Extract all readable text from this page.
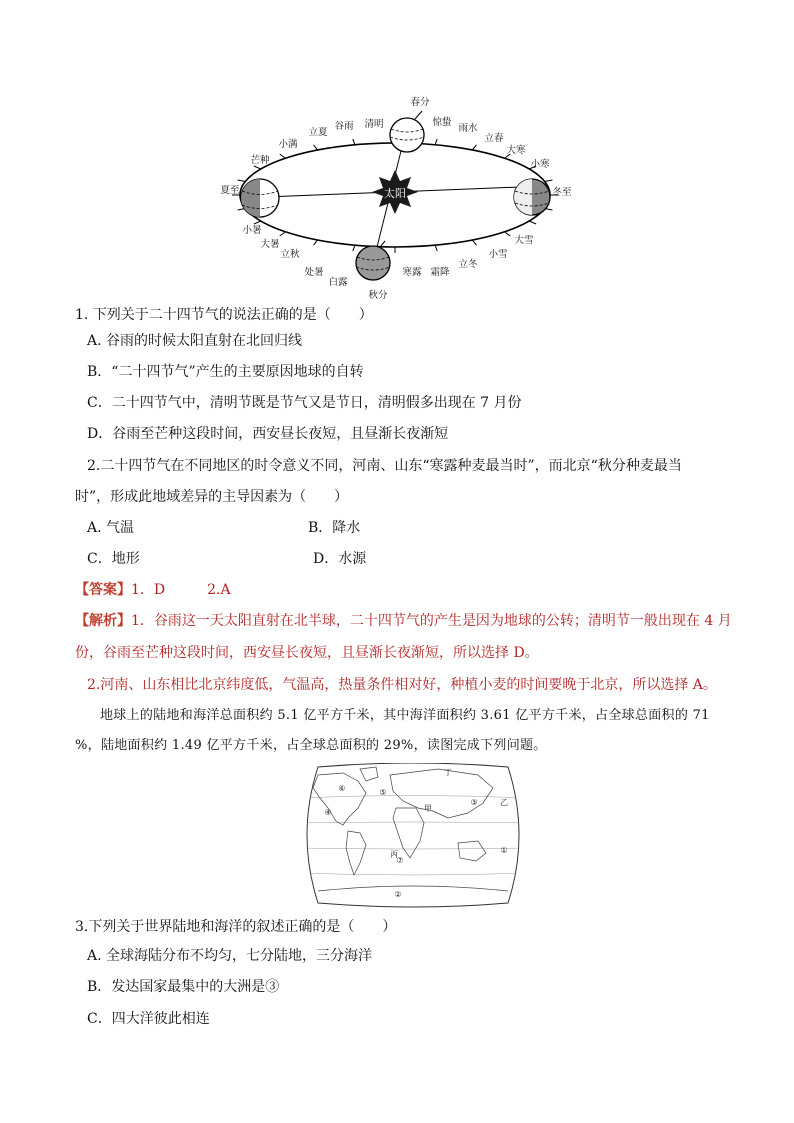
太阳
春分
惊蛰
雨水
立春
大寒
小寒
冬至
大雪
小雪
立冬
霜降
寒露
秋分
白露
处暑
立秋
大暑
小暑
夏至
芒种
小满
立夏
谷雨 清明
1. 下列关于二十四节气的说法正确的是（　　）
A. 谷雨的时候太阳直射在北回归线
B．“二十四节气”产生的主要原因地球的自转
C．二十四节气中，清明节既是节气又是节日，清明假多出现在 7 月份
D．谷雨至芒种这段时间，西安昼长夜短，且昼渐长夜渐短
2.二十四节气在不同地区的时令意义不同，河南、山东“寒露种麦最当时”，而北京“秋分种麦最当
时”，形成此地域差异的主导因素为（　　）
A. 气温	B．降水
C．地形	D．水源
【答案】1．D　　　2.A
【解析】1．谷雨这一天太阳直射在北半球，二十四节气的产生是因为地球的公转；清明节一般出现在 4 月
份，谷雨至芒种这段时间，西安昼长夜短，且昼渐长夜渐短，所以选择 D。
2.河南、山东相比北京纬度低，气温高，热量条件相对好，种植小麦的时间要晚于北京，所以选择 A。
地球上的陆地和海洋总面积约 5.1 亿平方千米，其中海洋面积约 3.61 亿平方千米，占全球总面积的 71
%，陆地面积约 1.49 亿平方千米，占全球总面积的 29%，读图完成下列问题。
⑥	⑤
④	甲
③	乙
丁
①
丙
⑦
②
3.下列关于世界陆地和海洋的叙述正确的是（　　）
A. 全球海陆分布不均匀，七分陆地，三分海洋
B．发达国家最集中的大洲是③
C．四大洋彼此相连
